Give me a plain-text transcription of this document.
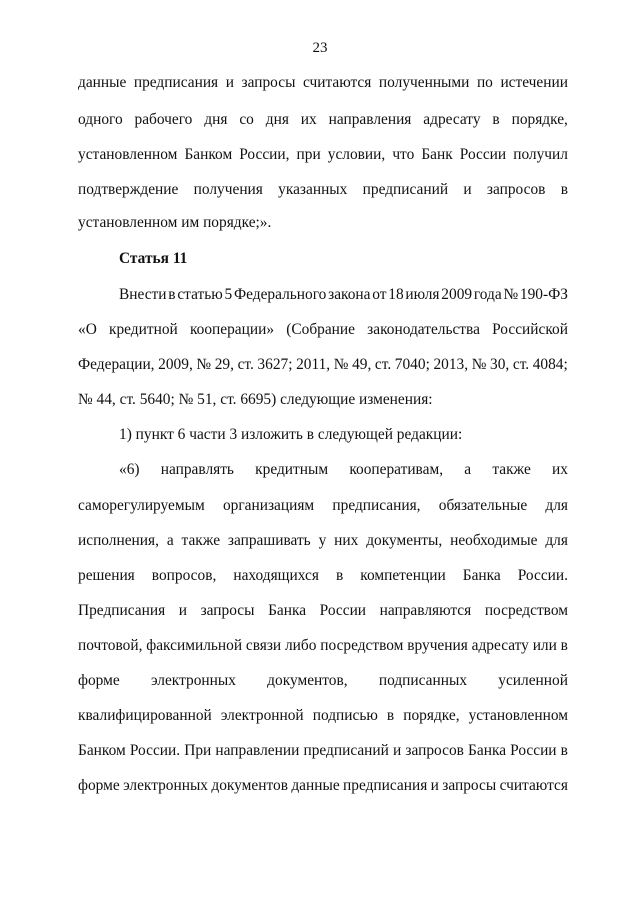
23
данные предписания и запросы считаются полученными по истечении
одного рабочего дня со дня их направления адресату в порядке,
установленном Банком России, при условии, что Банк России получил
подтверждение получения указанных предписаний и запросов в
установленном им порядке;».
Статья 11
Внести в статью 5 Федерального закона от 18 июля 2009 года № 190-ФЗ
«О кредитной кооперации» (Собрание законодательства Российской
Федерации, 2009, № 29, ст. 3627; 2011, № 49, ст. 7040; 2013, № 30, ст. 4084;
№ 44, ст. 5640; № 51, ст. 6695) следующие изменения:
1) пункт 6 части 3 изложить в следующей редакции:
«6) направлять кредитным кооперативам, а также их
саморегулируемым организациям предписания, обязательные для
исполнения, а также запрашивать у них документы, необходимые для
решения вопросов, находящихся в компетенции Банка России.
Предписания и запросы Банка России направляются посредством
почтовой, факсимильной связи либо посредством вручения адресату или в
форме электронных документов, подписанных усиленной
квалифицированной электронной подписью в порядке, установленном
Банком России. При направлении предписаний и запросов Банка России в
форме электронных документов данные предписания и запросы считаются
